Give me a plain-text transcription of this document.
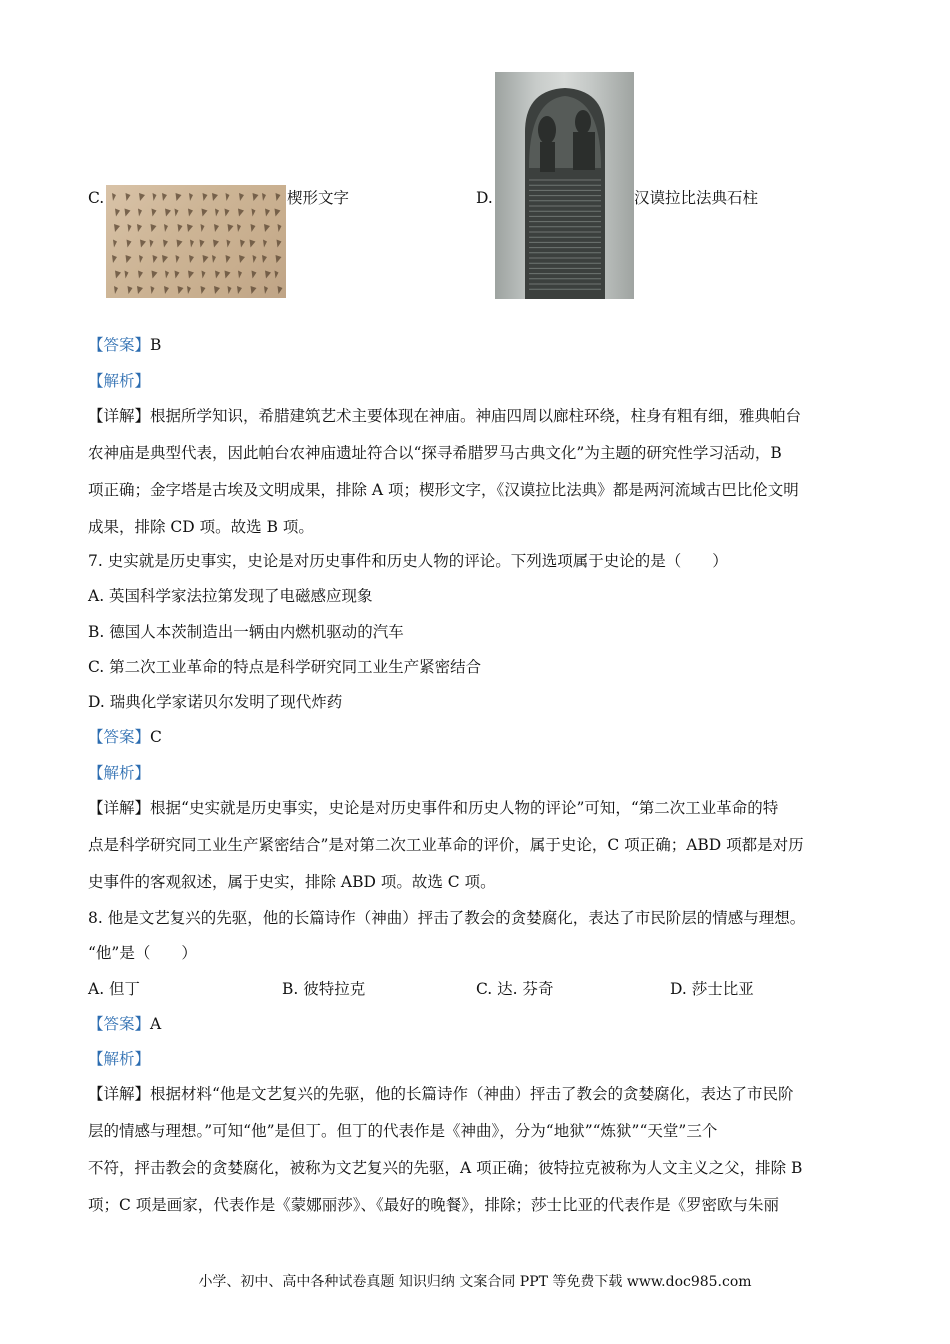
C.	楔形文字	D.	汉谟拉比法典石柱
【答案】B
【解析】
【详解】根据所学知识，希腊建筑艺术主要体现在神庙。神庙四周以廊柱环绕，柱身有粗有细，雅典帕台
农神庙是典型代表，因此帕台农神庙遗址符合以“探寻希腊罗马古典文化”为主题的研究性学习活动，B
项正确；金字塔是古埃及文明成果，排除 A 项；楔形文字，《汉谟拉比法典》都是两河流域古巴比伦文明
成果，排除 CD 项。故选 B 项。
7. 史实就是历史事实，史论是对历史事件和历史人物的评论。下列选项属于史论的是（　　）
A. 英国科学家法拉第发现了电磁感应现象
B. 德国人本茨制造出一辆由内燃机驱动的汽车
C. 第二次工业革命的特点是科学研究同工业生产紧密结合
D. 瑞典化学家诺贝尔发明了现代炸药
【答案】C
【解析】
【详解】根据“史实就是历史事实，史论是对历史事件和历史人物的评论”可知，“第二次工业革命的特
点是科学研究同工业生产紧密结合”是对第二次工业革命的评价，属于史论，C 项正确；ABD 项都是对历
史事件的客观叙述，属于史实，排除 ABD 项。故选 C 项。
8. 他是文艺复兴的先驱，他的长篇诗作（神曲）抨击了教会的贪婪腐化，表达了市民阶层的情感与理想。
“他”是（　　）
A. 但丁	B. 彼特拉克	C. 达. 芬奇	D. 莎士比亚
【答案】A
【解析】
【详解】根据材料“他是文艺复兴的先驱，他的长篇诗作（神曲）抨击了教会的贪婪腐化，表达了市民阶
层的情感与理想。”可知“他”是但丁。但丁的代表作是《神曲》，分为“地狱”“炼狱”“天堂”三个
不符，抨击教会的贪婪腐化，被称为文艺复兴的先驱，A 项正确；彼特拉克被称为人文主义之父，排除 B
项；C 项是画家，代表作是《蒙娜丽莎》、《最好的晚餐》，排除；莎士比亚的代表作是《罗密欧与朱丽
小学、初中、高中各种试卷真题 知识归纳 文案合同 PPT 等免费下载 www.doc985.com
